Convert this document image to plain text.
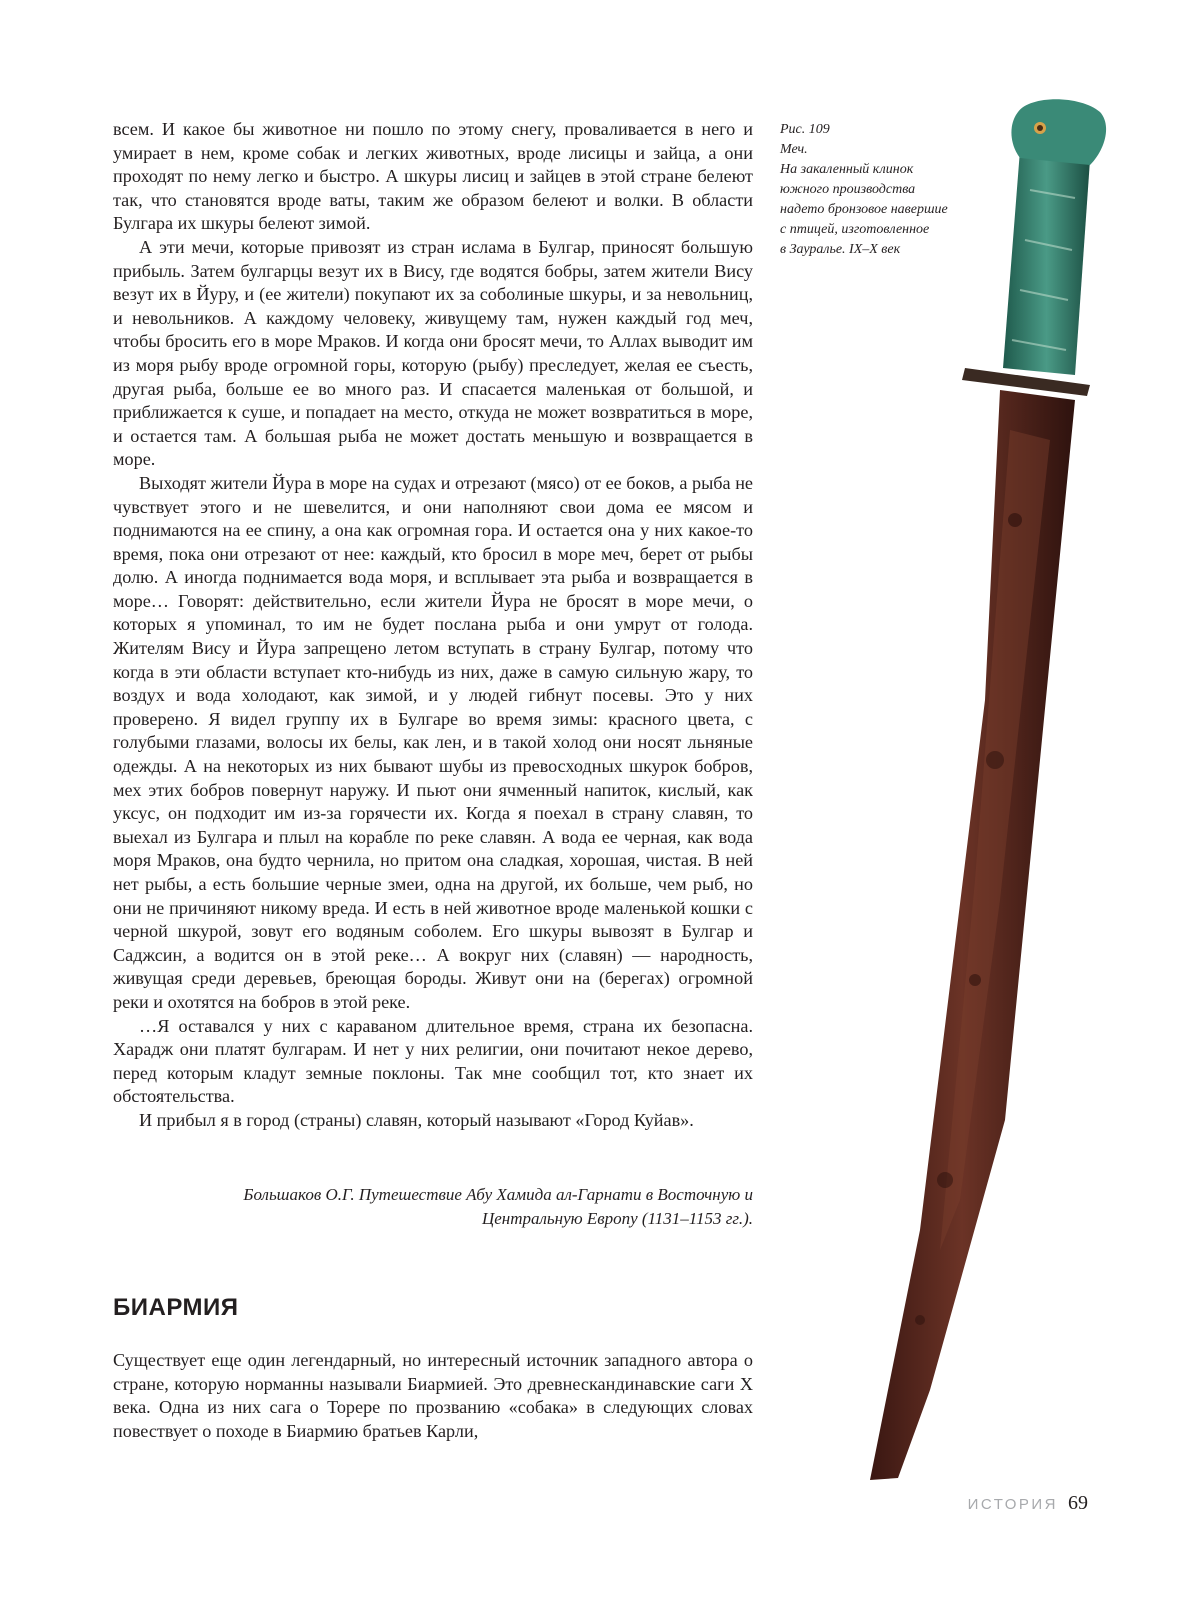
всем. И какое бы животное ни пошло по этому снегу, проваливается в него и умирает в нем, кроме собак и легких животных, вроде лисицы и зайца, а они проходят по нему легко и быстро. А шкуры лисиц и зайцев в этой стране белеют так, что становятся вроде ваты, таким же образом белеют и волки. В области Булгара их шкуры белеют зимой.

А эти мечи, которые привозят из стран ислама в Булгар, приносят большую прибыль. Затем булгарцы везут их в Вису, где водятся бобры, затем жители Вису везут их в Йуру, и (ее жители) покупают их за соболиные шкуры, и за невольниц, и невольников. А каждому человеку, живущему там, нужен каждый год меч, чтобы бросить его в море Мраков. И когда они бросят мечи, то Аллах выводит им из моря рыбу вроде огромной горы, которую (рыбу) преследует, желая ее съесть, другая рыба, больше ее во много раз. И спасается маленькая от большой, и приближается к суше, и попадает на место, откуда не может возвратиться в море, и остается там. А большая рыба не может достать меньшую и возвращается в море.

Выходят жители Йура в море на судах и отрезают (мясо) от ее боков, а рыба не чувствует этого и не шевелится, и они наполняют свои дома ее мясом и поднимаются на ее спину, а она как огромная гора. И остается она у них какое-то время, пока они отрезают от нее: каждый, кто бросил в море меч, берет от рыбы долю. А иногда поднимается вода моря, и всплывает эта рыба и возвращается в море… Говорят: действительно, если жители Йура не бросят в море мечи, о которых я упоминал, то им не будет послана рыба и они умрут от голода. Жителям Вису и Йура запрещено летом вступать в страну Булгар, потому что когда в эти области вступает кто-нибудь из них, даже в самую сильную жару, то воздух и вода холодают, как зимой, и у людей гибнут посевы. Это у них проверено. Я видел группу их в Булгаре во время зимы: красного цвета, с голубыми глазами, волосы их белы, как лен, и в такой холод они носят льняные одежды. А на некоторых из них бывают шубы из превосходных шкурок бобров, мех этих бобров повернут наружу. И пьют они ячменный напиток, кислый, как уксус, он подходит им из-за горячести их. Когда я поехал в страну славян, то выехал из Булгара и плыл на корабле по реке славян. А вода ее черная, как вода моря Мраков, она будто чернила, но притом она сладкая, хорошая, чистая. В ней нет рыбы, а есть большие черные змеи, одна на другой, их больше, чем рыб, но они не причиняют никому вреда. И есть в ней животное вроде маленькой кошки с черной шкурой, зовут его водяным соболем. Его шкуры вывозят в Булгар и Саджсин, а водится он в этой реке… А вокруг них (славян) — народность, живущая среди деревьев, бреющая бороды. Живут они на (берегах) огромной реки и охотятся на бобров в этой реке.

…Я оставался у них с караваном длительное время, страна их безопасна. Харадж они платят булгарам. И нет у них религии, они почитают некое дерево, перед которым кладут земные поклоны. Так мне сообщил тот, кто знает их обстоятельства.

И прибыл я в город (страны) славян, который называют «Город Куйав».

Большаков О.Г. Путешествие Абу Хамида ал-Гарнати в Восточную и
Центральную Европу (1131–1153 гг.).
БИАРМИЯ

Существует еще один легендарный, но интересный источник западного автора о стране, которую норманны называли Биармией. Это древнескандинавские саги X века. Одна из них сага о Торере по прозванию «собака» в следующих словах повествует о походе в Биармию братьев Карли,

Рис. 109
Меч.
На закаленный клинок
южного производства
надето бронзовое навершие
с птицей, изготовленное
в Зауралье. IX–X век
ИСТОРИЯ 69
